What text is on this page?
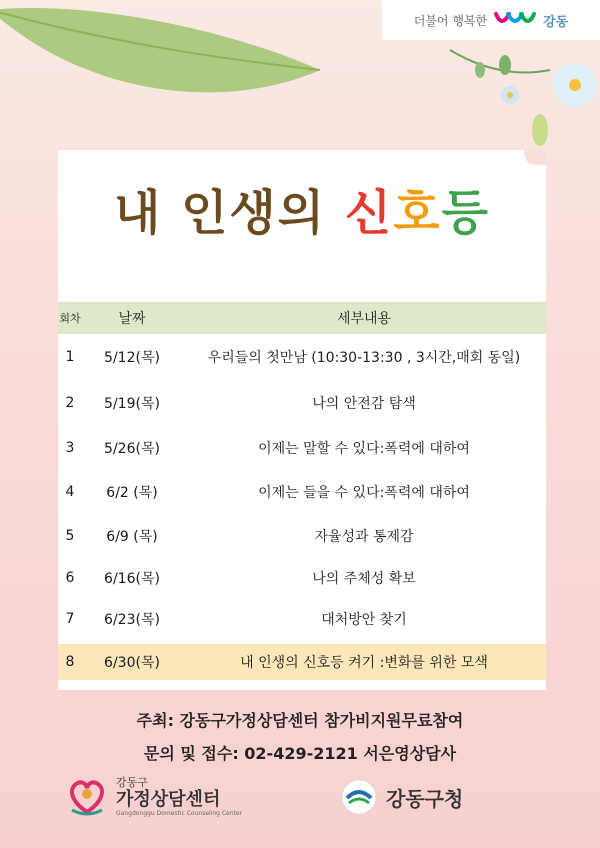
더불어 행복한	강동
내 인생의 신호등
회차	날짜	세부내용
1	5/12(목)	우리들의 첫만남 (10:30-13:30 , 3시간,매회 동일)
2	5/19(목)	나의 안전감 탐색
3	5/26(목)	이제는 말할 수 있다:폭력에 대하여
4	6/2 (목)	이제는 들을 수 있다:폭력에 대하여
5	6/9 (목)	자율성과 통제감
6	6/16(목)	나의 주체성 확보
7	6/23(목)	대처방안 찾기
8	6/30(목)	내 인생의 신호등 켜기 :변화를 위한 모색
주최: 강동구가정상담센터 참가비지원무료참여
문의 및 접수: 02-429-2121 서은영상담사
강동구
가정상담센터
Gangdonggu Domestic Counseling Center
강동구청
